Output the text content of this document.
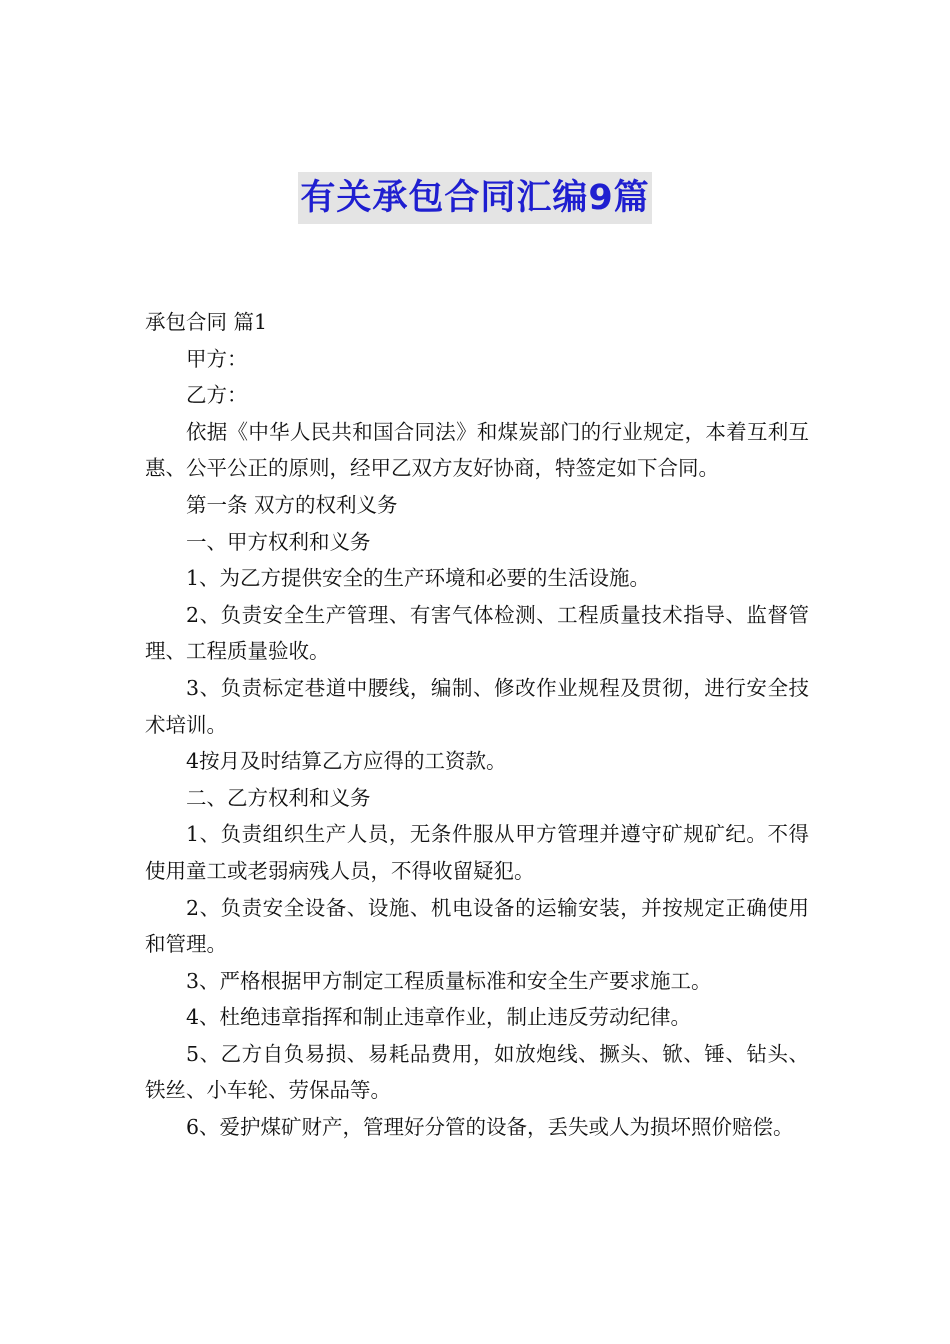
有关承包合同汇编9篇

承包合同 篇1

甲方：

乙方：

依据《中华人民共和国合同法》和煤炭部门的行业规定，本着互利互惠、公平公正的原则，经甲乙双方友好协商，特签定如下合同。

第一条 双方的权利义务

一、甲方权利和义务

1、为乙方提供安全的生产环境和必要的生活设施。

2、负责安全生产管理、有害气体检测、工程质量技术指导、监督管理、工程质量验收。

3、负责标定巷道中腰线，编制、修改作业规程及贯彻，进行安全技术培训。

4按月及时结算乙方应得的工资款。

二、乙方权利和义务

1、负责组织生产人员，无条件服从甲方管理并遵守矿规矿纪。不得使用童工或老弱病残人员，不得收留疑犯。

2、负责安全设备、设施、机电设备的运输安装，并按规定正确使用和管理。

3、严格根据甲方制定工程质量标准和安全生产要求施工。

4、杜绝违章指挥和制止违章作业，制止违反劳动纪律。

5、乙方自负易损、易耗品费用，如放炮线、撅头、锨、锤、钻头、铁丝、小车轮、劳保品等。

6、爱护煤矿财产，管理好分管的设备，丢失或人为损坏照价赔偿。
